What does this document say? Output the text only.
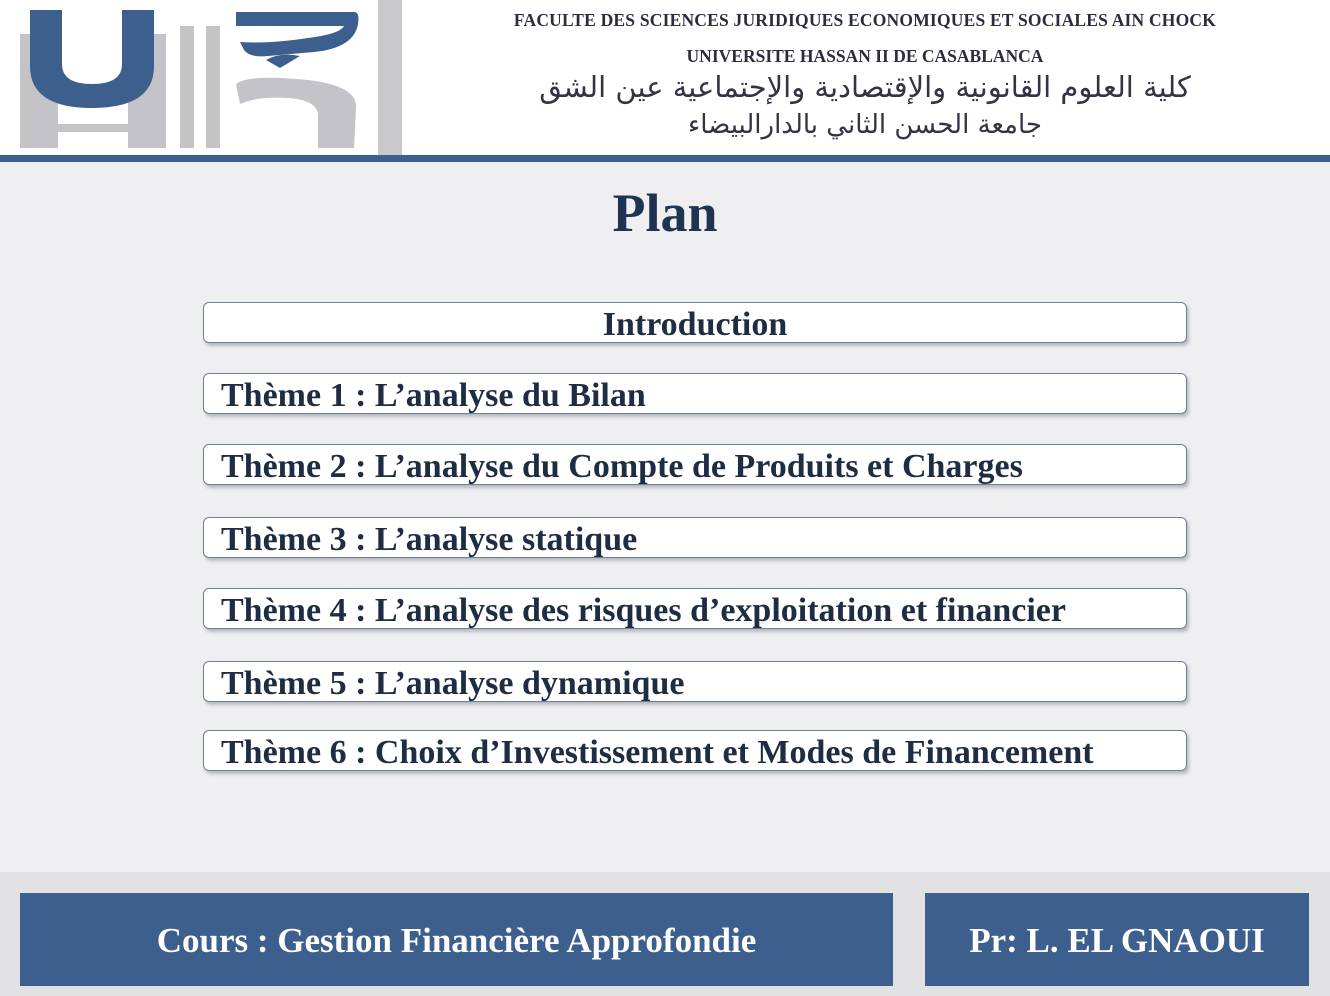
FACULTE DES SCIENCES JURIDIQUES ECONOMIQUES ET SOCIALES AIN CHOCK

UNIVERSITE HASSAN II DE CASABLANCA

كلية العلوم القانونية والإقتصادية والإجتماعية عين الشق

جامعة الحسن الثاني بالدارالبيضاء

Plan
Introduction
Thème 1 : L’analyse du Bilan
Thème 2 : L’analyse du Compte de Produits et Charges
Thème 3 : L’analyse statique
Thème 4 : L’analyse des risques d’exploitation et financier
Thème 5 : L’analyse dynamique
Thème 6 : Choix d’Investissement et Modes de Financement
Cours : Gestion Financière Approfondie	Pr: L. EL GNAOUI
